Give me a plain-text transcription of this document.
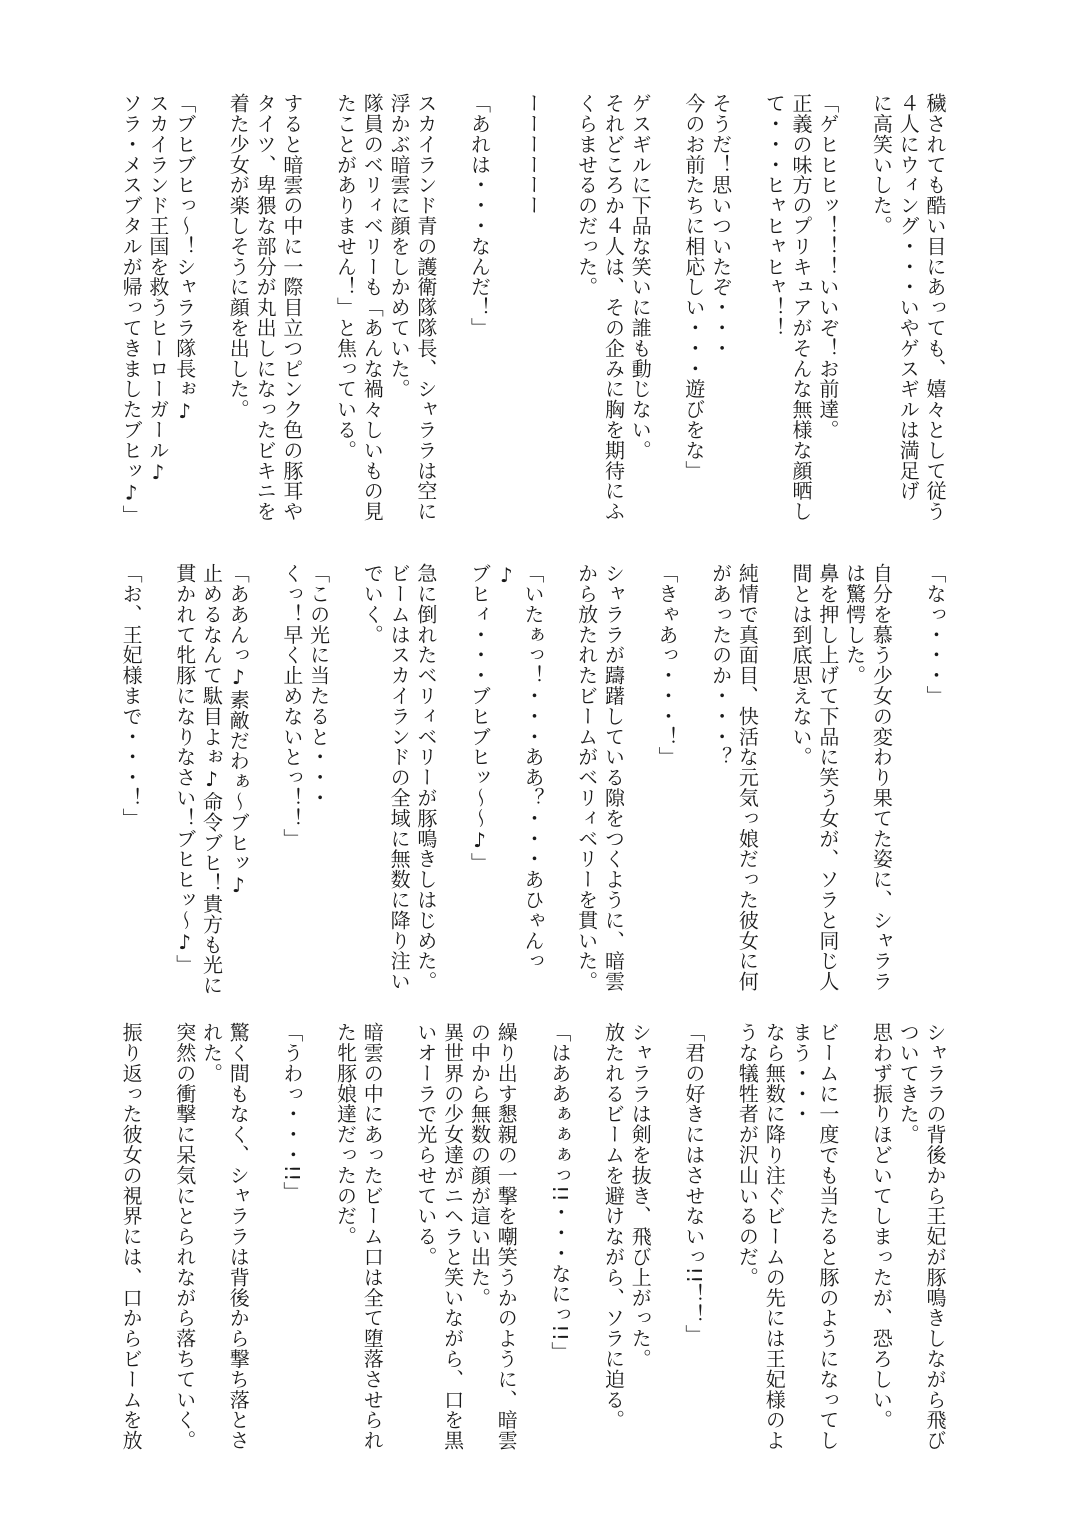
穢されても酷い目にあっても、嬉々として従う
４人にウィング・・・いやゲスギルは満足げ
に高笑いした。
「ゲヒヒヒッ！！！いいぞ！お前達。
正義の味方のプリキュアがそんな無様な顔晒し
て・・・ヒャヒャヒャ！！
そうだ！思いついたぞ・・・
今のお前たちに相応しい・・・遊びをな」
ゲスギルに下品な笑いに誰も動じない。
それどころか４人は、その企みに胸を期待にふ
くらませるのだった。
ーーーーーー
「あれは・・・なんだ！」
スカイランド青の護衛隊隊長、シャララは空に
浮かぶ暗雲に顔をしかめていた。
隊員のベリィベリーも「あんな禍々しいもの見
たことがありません！」と焦っている。
すると暗雲の中に一際目立つピンク色の豚耳や
タイツ、卑猥な部分が丸出しになったビキニを
着た少女が楽しそうに顔を出した。
「ブヒブヒっ～！シャララ隊長ぉ♪
スカイランド王国を救うヒーローガール♪
ソラ・メスブタルが帰ってきましたブヒッ♪」
「なっ・・・」
自分を慕う少女の変わり果てた姿に、シャララ
は驚愕した。
鼻を押し上げて下品に笑う女が、ソラと同じ人
間とは到底思えない。
純情で真面目、快活な元気っ娘だった彼女に何
があったのか・・・？
「きゃあっ・・・！」
シャララが躊躇している隙をつくように、暗雲
から放たれたビームがベリィベリーを貫いた。
「いたぁっ！・・・ああ？・・・あひゃんっ
♪
ブヒィ・・・ブヒブヒッ～～♪」
急に倒れたベリィベリーが豚鳴きしはじめた。
ビームはスカイランドの全域に無数に降り注い
でいく。
「この光に当たると・・・
くっ！早く止めないとっ！！」
「ああんっ♪素敵だわぁ～ブヒッ♪
止めるなんて駄目よぉ♪命令ブヒ！貴方も光に
貫かれて牝豚になりなさい！ブヒヒッ～♪」
「お、王妃様まで・・・！」
シャララの背後から王妃が豚鳴きしながら飛び
ついてきた。
思わず振りほどいてしまったが、恐ろしい。
ビームに一度でも当たると豚のようになってし
まう・・・
なら無数に降り注ぐビームの先には王妃様のよ
うな犠牲者が沢山いるのだ。
「君の好きにはさせないっ!!！！」
シャララは剣を抜き、飛び上がった。
放たれるビームを避けながら、ソラに迫る。
「はああぁぁぁっ!!・・・なにっ!!」
繰り出す懇親の一撃を嘲笑うかのように、暗雲
の中から無数の顔が這い出た。
異世界の少女達がニヘラと笑いながら、口を黒
いオーラで光らせている。
暗雲の中にあったビーム口は全て堕落させられ
た牝豚娘達だったのだ。
「うわっ・・・!!」
驚く間もなく、シャララは背後から撃ち落とさ
れた。
突然の衝撃に呆気にとられながら落ちていく。
振り返った彼女の視界には、口からビームを放
